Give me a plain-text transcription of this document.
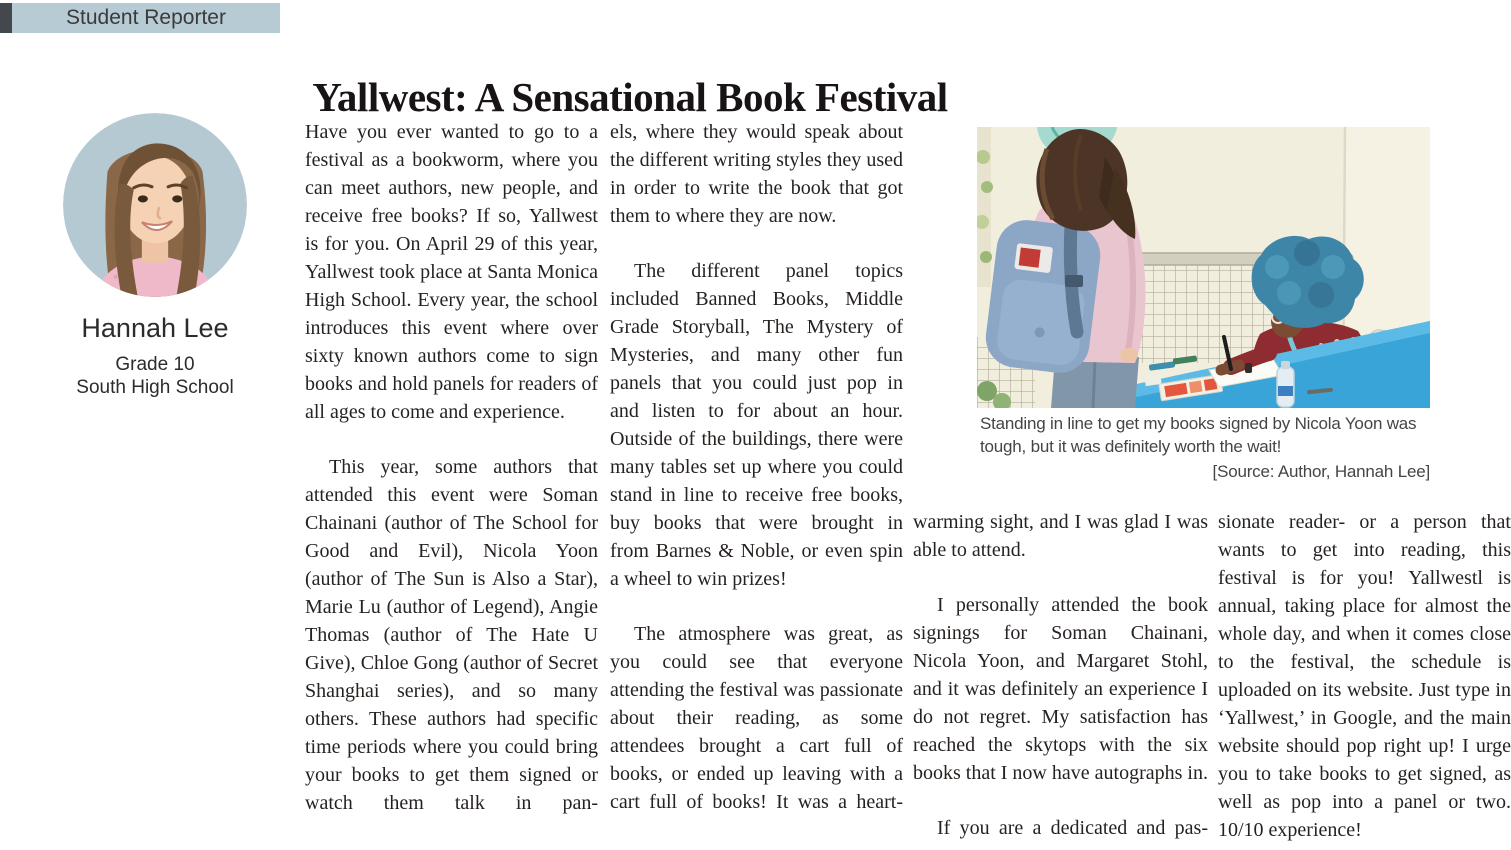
Student Reporter
Yallwest: A Sensational Book Festival
Hannah Lee
Grade 10
South High School

Have you ever wanted to go to a festival as a bookworm, where you can meet authors, new people, and receive free books? If so, Yallwest is for you. On April 29 of this year, Yallwest took place at Santa Monica High School. Every year, the school introduces this event where over sixty known authors come to sign books and hold panels for readers of all ages to come and experience.

This year, some authors that attended this event were Soman Chainani (author of The School for Good and Evil), Nicola Yoon (author of The Sun is Also a Star), Marie Lu (author of Legend), Angie Thomas (author of The Hate U Give), Chloe Gong (author of Secret Shanghai series), and so many others. These authors had specific time periods where you could bring your books to get them signed or watch them talk in pan-

els, where they would speak about the different writing styles they used in order to write the book that got them to where they are now.

The different panel topics included Banned Books, Middle Grade Storyball, The Mystery of Mysteries, and many other fun panels that you could just pop in and listen to for about an hour. Outside of the buildings, there were many tables set up where you could stand in line to receive free books, buy books that were brought in from Barnes & Noble, or even spin a wheel to win prizes!

The atmosphere was great, as you could see that everyone attending the festival was passionate about their reading, as some attendees brought a cart full of books, or ended up leaving with a cart full of books! It was a heart-

warming sight, and I was glad I was able to attend.

I personally attended the book signings for Soman Chainani, Nicola Yoon, and Margaret Stohl, and it was definitely an experience I do not regret. My satisfaction has reached the skytops with the six books that I now have autographs in.

If you are a dedicated and pas-

sionate reader- or a person that wants to get into reading, this festival is for you! Yallwestl is annual, taking place for almost the whole day, and when it comes close to the festival, the schedule is uploaded on its website. Just type in ‘Yallwest,’ in Google, and the main website should pop right up! I urge you to take books to get signed, as well as pop into a panel or two. 10/10 experience!

Standing in line to get my books signed by Nicola Yoon was tough, but it was definitely worth the wait!
[Source: Author, Hannah Lee]
